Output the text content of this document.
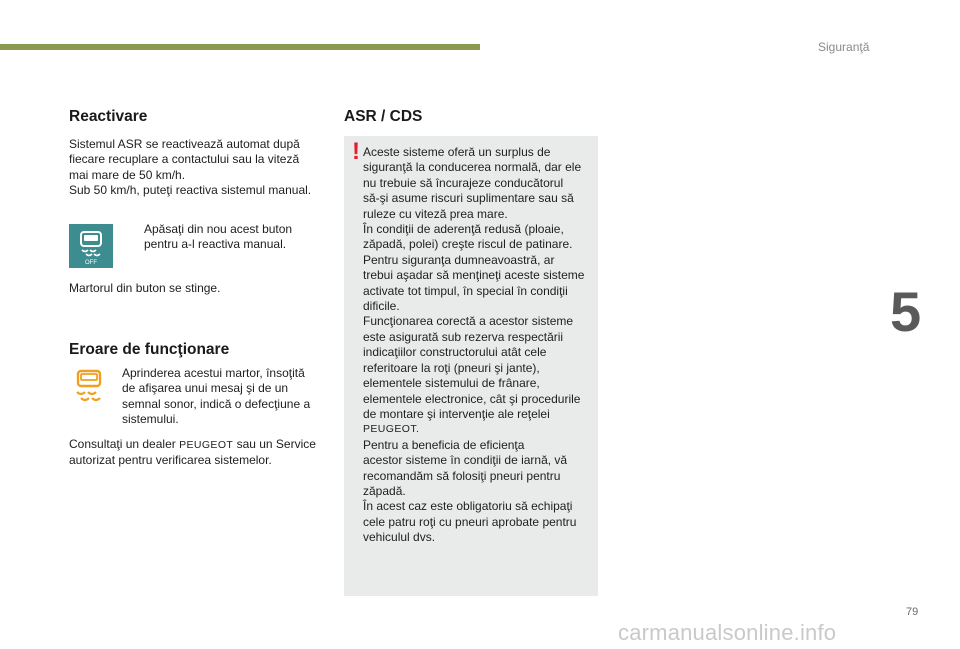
Siguranţă
5
Reactivare
Sistemul ASR se reactivează automat după
fiecare recuplare a contactului sau la viteză
mai mare de 50 km/h.
Sub 50 km/h, puteţi reactiva sistemul manual.
OFF
Apăsaţi din nou acest buton
pentru a-l reactiva manual.
Martorul din buton se stinge.
Eroare de funcţionare
Aprinderea acestui martor, însoţită
de afişarea unui mesaj şi de un
semnal sonor, indică o defecţiune a
sistemului.
Consultaţi un dealer PEUGEOT sau un Service
autorizat pentru verificarea sistemelor.
ASR / CDS
! Aceste sisteme oferă un surplus de
siguranţă la conducerea normală, dar ele
nu trebuie să încurajeze conducătorul
să-şi asume riscuri suplimentare sau să
ruleze cu viteză prea mare.
În condiţii de aderenţă redusă (ploaie,
zăpadă, polei) creşte riscul de patinare.
Pentru siguranţa dumneavoastră, ar
trebui aşadar să menţineţi aceste sisteme
activate tot timpul, în special în condiţii
dificile.
Funcţionarea corectă a acestor sisteme
este asigurată sub rezerva respectării
indicaţiilor constructorului atât cele
referitoare la roţi (pneuri şi jante),
elementele sistemului de frânare,
elementele electronice, cât şi procedurile
de montare şi intervenţie ale reţelei
PEUGEOT.
Pentru a beneficia de eficienţa
acestor sisteme în condiţii de iarnă, vă
recomandăm să folosiţi pneuri pentru
zăpadă.
În acest caz este obligatoriu să echipaţi
cele patru roţi cu pneuri aprobate pentru
vehiculul dvs.
79
carmanualsonline.info
